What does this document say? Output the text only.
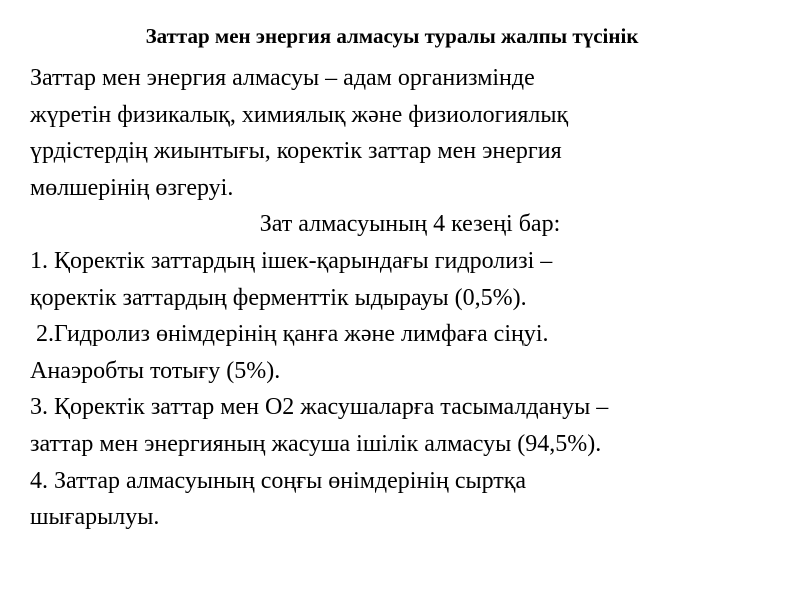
Заттар мен энергия алмасуы туралы жалпы түсінік
Заттар мен энергия алмасуы – адам организмінде
жүретін физикалық, химиялық және физиологиялық
үрдістердің жиынтығы, коректік заттар мен энергия
мөлшерінің өзгеруі.
Зат алмасуының 4 кезеңі бар:
1. Қоректік заттардың ішек-қарындағы гидролизі –
қоректік заттардың ферменттік ыдырауы (0,5%).
2.Гидролиз өнімдерінің қанға және лимфаға сіңуі.
Анаэробты тотығу (5%).
3. Қоректік заттар мен О2 жасушаларға тасымалдануы –
заттар мен энергияның жасуша ішілік алмасуы (94,5%).
4. Заттар алмасуының соңғы өнімдерінің сыртқа
шығарылуы.
